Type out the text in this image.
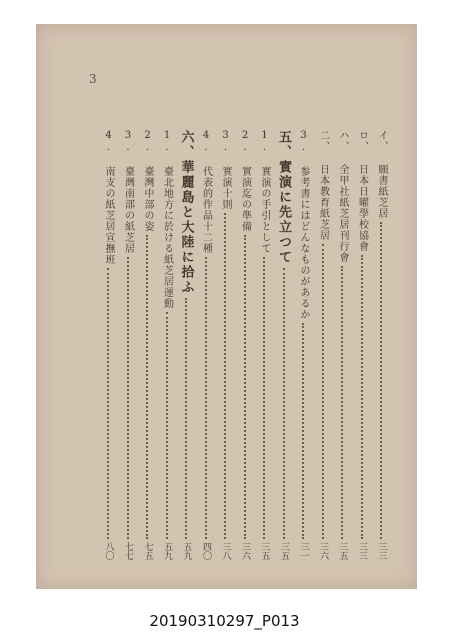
3
イ、 願書紙芝居
三三
ロ、 日本日曜學校協會
三三
ハ、 全甲社紙芝居刊行會
三五
二、 日本教育紙芝居
三六
3. 参考書にはどんなものがあるか
三一
五、實演に先立つて
三五
1. 實演の手引として
三五
2. 實演迄の準備
三六
3. 實演十則
三八
4. 代表的作品十二種
四〇
六、華麗島と大陸に拾ふ
五九
1. 臺北地方に於ける紙芝居運動
五九
2. 臺灣中部の姿
七五
3. 臺灣南部の紙芝居
七七
4. 南支の紙芝居宣撫班
八〇
20190310297_P013
